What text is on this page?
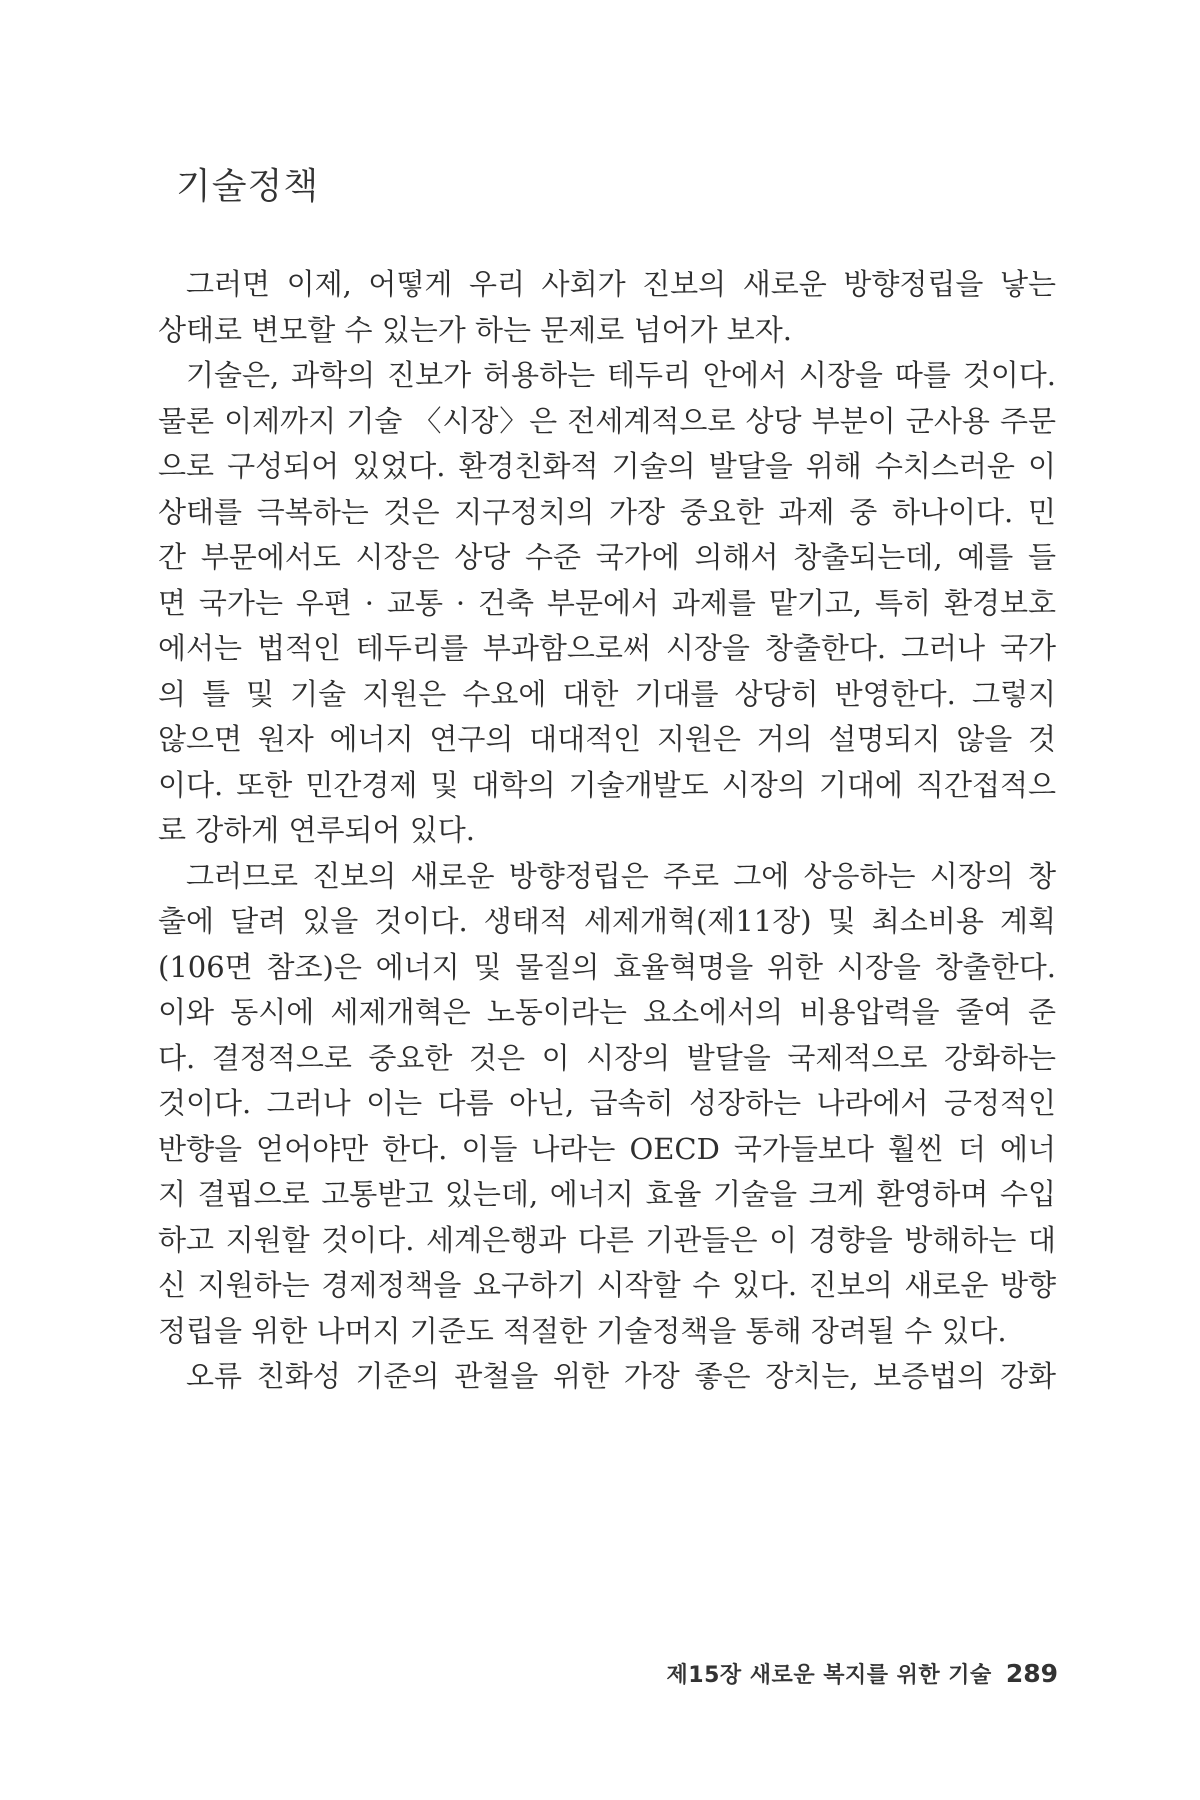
기술정책
그러면 이제, 어떻게 우리 사회가 진보의 새로운 방향정립을 낳는
상태로 변모할 수 있는가 하는 문제로 넘어가 보자.
기술은, 과학의 진보가 허용하는 테두리 안에서 시장을 따를 것이다.
물론 이제까지 기술 〈시장〉은 전세계적으로 상당 부분이 군사용 주문
으로 구성되어 있었다. 환경친화적 기술의 발달을 위해 수치스러운 이
상태를 극복하는 것은 지구정치의 가장 중요한 과제 중 하나이다. 민
간 부문에서도 시장은 상당 수준 국가에 의해서 창출되는데, 예를 들
면 국가는 우편 · 교통 · 건축 부문에서 과제를 맡기고, 특히 환경보호
에서는 법적인 테두리를 부과함으로써 시장을 창출한다. 그러나 국가
의 틀 및 기술 지원은 수요에 대한 기대를 상당히 반영한다. 그렇지
않으면 원자 에너지 연구의 대대적인 지원은 거의 설명되지 않을 것
이다. 또한 민간경제 및 대학의 기술개발도 시장의 기대에 직간접적으
로 강하게 연루되어 있다.
그러므로 진보의 새로운 방향정립은 주로 그에 상응하는 시장의 창
출에 달려 있을 것이다. 생태적 세제개혁(제11장) 및 최소비용 계획
(106면 참조)은 에너지 및 물질의 효율혁명을 위한 시장을 창출한다.
이와 동시에 세제개혁은 노동이라는 요소에서의 비용압력을 줄여 준
다. 결정적으로 중요한 것은 이 시장의 발달을 국제적으로 강화하는
것이다. 그러나 이는 다름 아닌, 급속히 성장하는 나라에서 긍정적인
반향을 얻어야만 한다. 이들 나라는 OECD 국가들보다 훨씬 더 에너
지 결핍으로 고통받고 있는데, 에너지 효율 기술을 크게 환영하며 수입
하고 지원할 것이다. 세계은행과 다른 기관들은 이 경향을 방해하는 대
신 지원하는 경제정책을 요구하기 시작할 수 있다. 진보의 새로운 방향
정립을 위한 나머지 기준도 적절한 기술정책을 통해 장려될 수 있다.
오류 친화성 기준의 관철을 위한 가장 좋은 장치는, 보증법의 강화
제15장 새로운 복지를 위한 기술 289
